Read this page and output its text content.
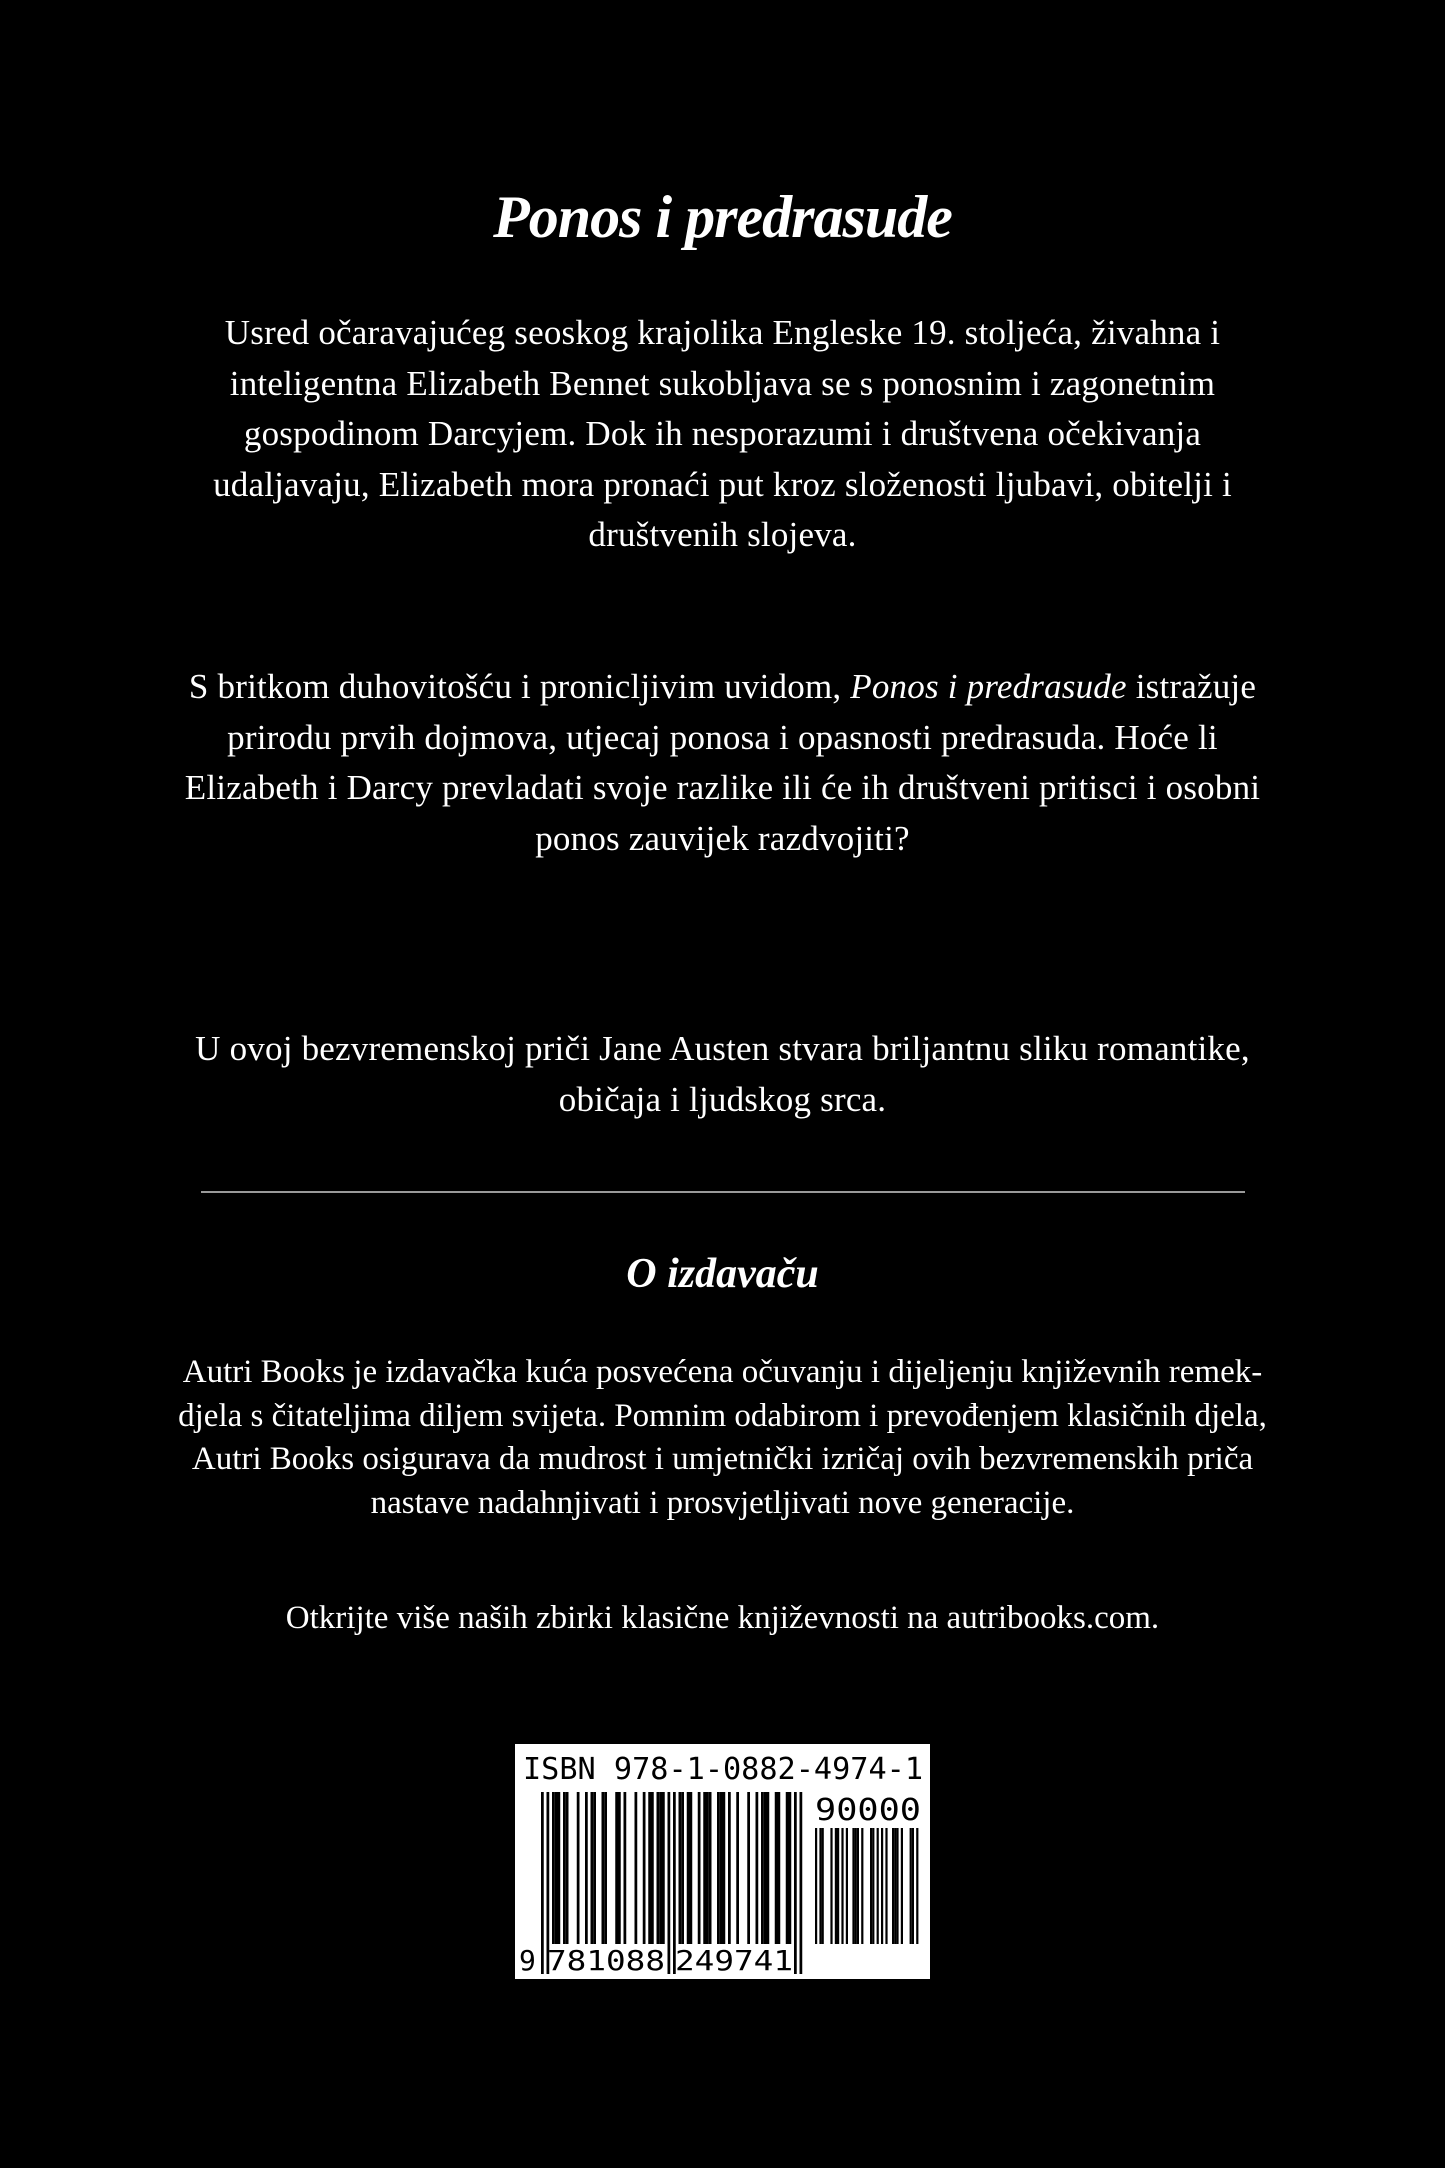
Ponos i predrasude

Usred očaravajućeg seoskog krajolika Engleske 19. stoljeća, živahna i inteligentna Elizabeth Bennet sukobljava se s ponosnim i zagonetnim gospodinom Darcyjem. Dok ih nesporazumi i društvena očekivanja udaljavaju, Elizabeth mora pronaći put kroz složenosti ljubavi, obitelji i društvenih slojeva.

S britkom duhovitošću i pronicljivim uvidom, Ponos i predrasude istražuje prirodu prvih dojmova, utjecaj ponosa i opasnosti predrasuda. Hoće li Elizabeth i Darcy prevladati svoje razlike ili će ih društveni pritisci i osobni ponos zauvijek razdvojiti?

U ovoj bezvremenskoj priči Jane Austen stvara briljantnu sliku romantike, običaja i ljudskog srca.

O izdavaču

Autri Books je izdavačka kuća posvećena očuvanju i dijeljenju književnih remek-djela s čitateljima diljem svijeta. Pomnim odabirom i prevođenjem klasičnih djela, Autri Books osigurava da mudrost i umjetnički izričaj ovih bezvremenskih priča nastave nadahnjivati i prosvjetljivati nove generacije.

Otkrijte više naših zbirki klasične književnosti na autribooks.com.

ISBN 978-1-0882-4974-1
90000
9 781088 249741
